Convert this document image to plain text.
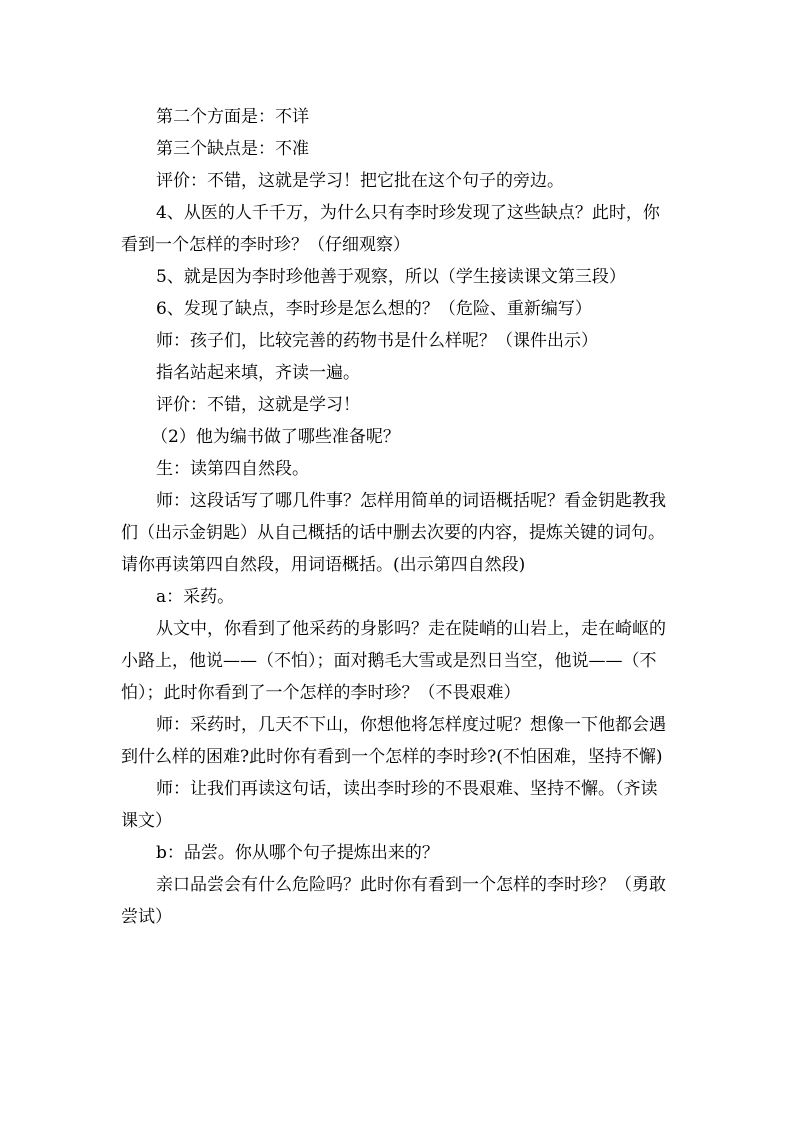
第二个方面是：不详

第三个缺点是：不准

评价：不错，这就是学习！把它批在这个句子的旁边。

4、从医的人千千万，为什么只有李时珍发现了这些缺点？此时，你看到一个怎样的李时珍？（仔细观察）

5、就是因为李时珍他善于观察，所以（学生接读课文第三段）

6、发现了缺点，李时珍是怎么想的？（危险、重新编写）

师：孩子们，比较完善的药物书是什么样呢？（课件出示）

指名站起来填，齐读一遍。

评价：不错，这就是学习！

（2）他为编书做了哪些准备呢？

生：读第四自然段。

师：这段话写了哪几件事？怎样用简单的词语概括呢？看金钥匙教我们（出示金钥匙）从自己概括的话中删去次要的内容，提炼关键的词句。请你再读第四自然段，用词语概括。(出示第四自然段)

a：采药。

从文中，你看到了他采药的身影吗？走在陡峭的山岩上，走在崎岖的小路上，他说——（不怕）；面对鹅毛大雪或是烈日当空，他说——（不怕）；此时你看到了一个怎样的李时珍？（不畏艰难）

师：采药时，几天不下山，你想他将怎样度过呢？想像一下他都会遇到什么样的困难?此时你有看到一个怎样的李时珍?(不怕困难，坚持不懈)

师：让我们再读这句话，读出李时珍的不畏艰难、坚持不懈。（齐读课文）

b：品尝。你从哪个句子提炼出来的？

亲口品尝会有什么危险吗？此时你有看到一个怎样的李时珍？（勇敢尝试）
